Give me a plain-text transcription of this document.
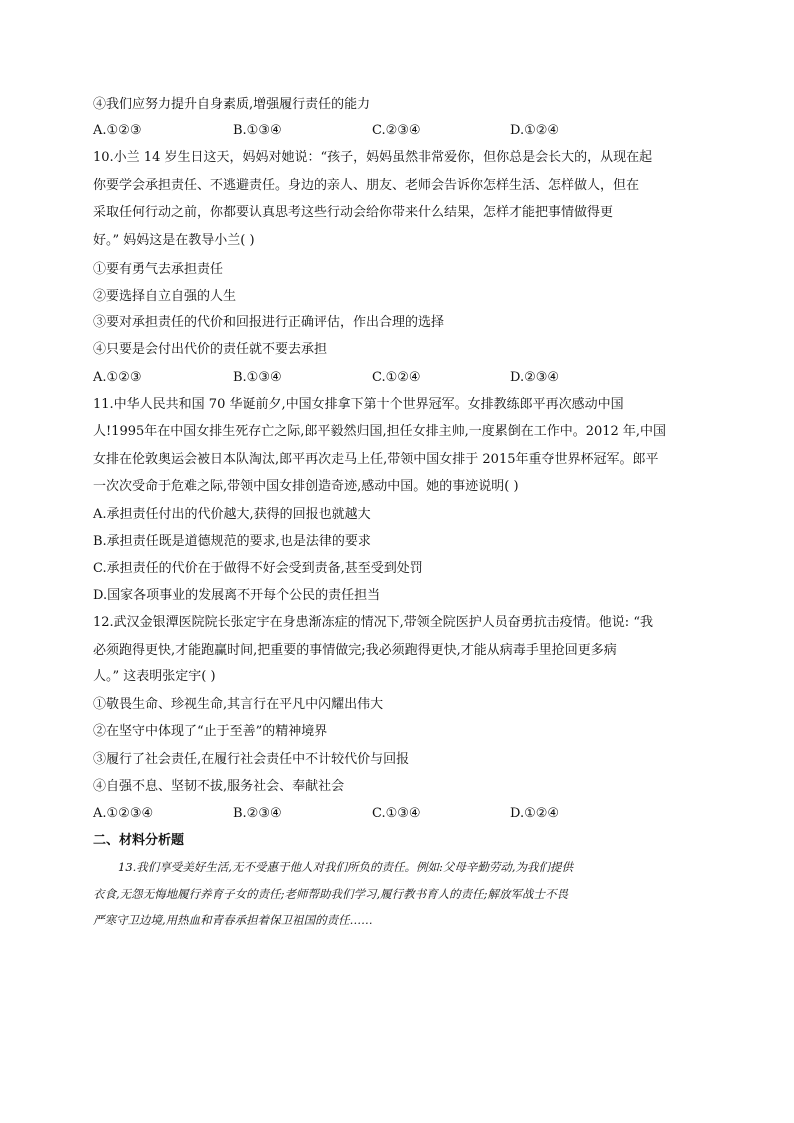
④我们应努力提升自身素质,增强履行责任的能力
A.①②③	B.①③④	C.②③④	D.①②④
10.小兰 14 岁生日这天，妈妈对她说：“孩子，妈妈虽然非常爱你，但你总是会长大的，从现在起
你要学会承担责任、不逃避责任。身边的亲人、朋友、老师会告诉你怎样生活、怎样做人，但在
采取任何行动之前，你都要认真思考这些行动会给你带来什么结果，怎样才能把事情做得更
好。” 妈妈这是在教导小兰( )
①要有勇气去承担责任
②要选择自立自强的人生
③要对承担责任的代价和回报进行正确评估，作出合理的选择
④只要是会付出代价的责任就不要去承担
A.①②③	B.①③④	C.①②④	D.②③④
11.中华人民共和国 70 华诞前夕,中国女排拿下第十个世界冠军。女排教练郎平再次感动中国
人!1995年在中国女排生死存亡之际,郎平毅然归国,担任女排主帅,一度累倒在工作中。2012 年,中国
女排在伦敦奥运会被日本队淘汰,郎平再次走马上任,带领中国女排于 2015年重夺世界杯冠军。郎平
一次次受命于危难之际,带领中国女排创造奇迹,感动中国。她的事迹说明( )
A.承担责任付出的代价越大,获得的回报也就越大
B.承担责任既是道德规范的要求,也是法律的要求
C.承担责任的代价在于做得不好会受到责备,甚至受到处罚
D.国家各项事业的发展离不开每个公民的责任担当
12.武汉金银潭医院院长张定宇在身患渐冻症的情况下,带领全院医护人员奋勇抗击疫情。他说: “我
必须跑得更快,才能跑赢时间,把重要的事情做完;我必须跑得更快,才能从病毒手里抢回更多病
人。” 这表明张定宇( )
①敬畏生命、珍视生命,其言行在平凡中闪耀出伟大
②在坚守中体现了“止于至善”的精神境界
③履行了社会责任,在履行社会责任中不计较代价与回报
④自强不息、坚韧不拔,服务社会、奉献社会
A.①②③④	B.②③④	C.①③④	D.①②④
二、材料分析题
13.我们享受美好生活,无不受惠于他人对我们所负的责任。例如:父母辛勤劳动,为我们提供
衣食,无怨无悔地履行养育子女的责任;老师帮助我们学习,履行教书育人的责任;解放军战士不畏
严寒守卫边境,用热血和青春承担着保卫祖国的责任……
